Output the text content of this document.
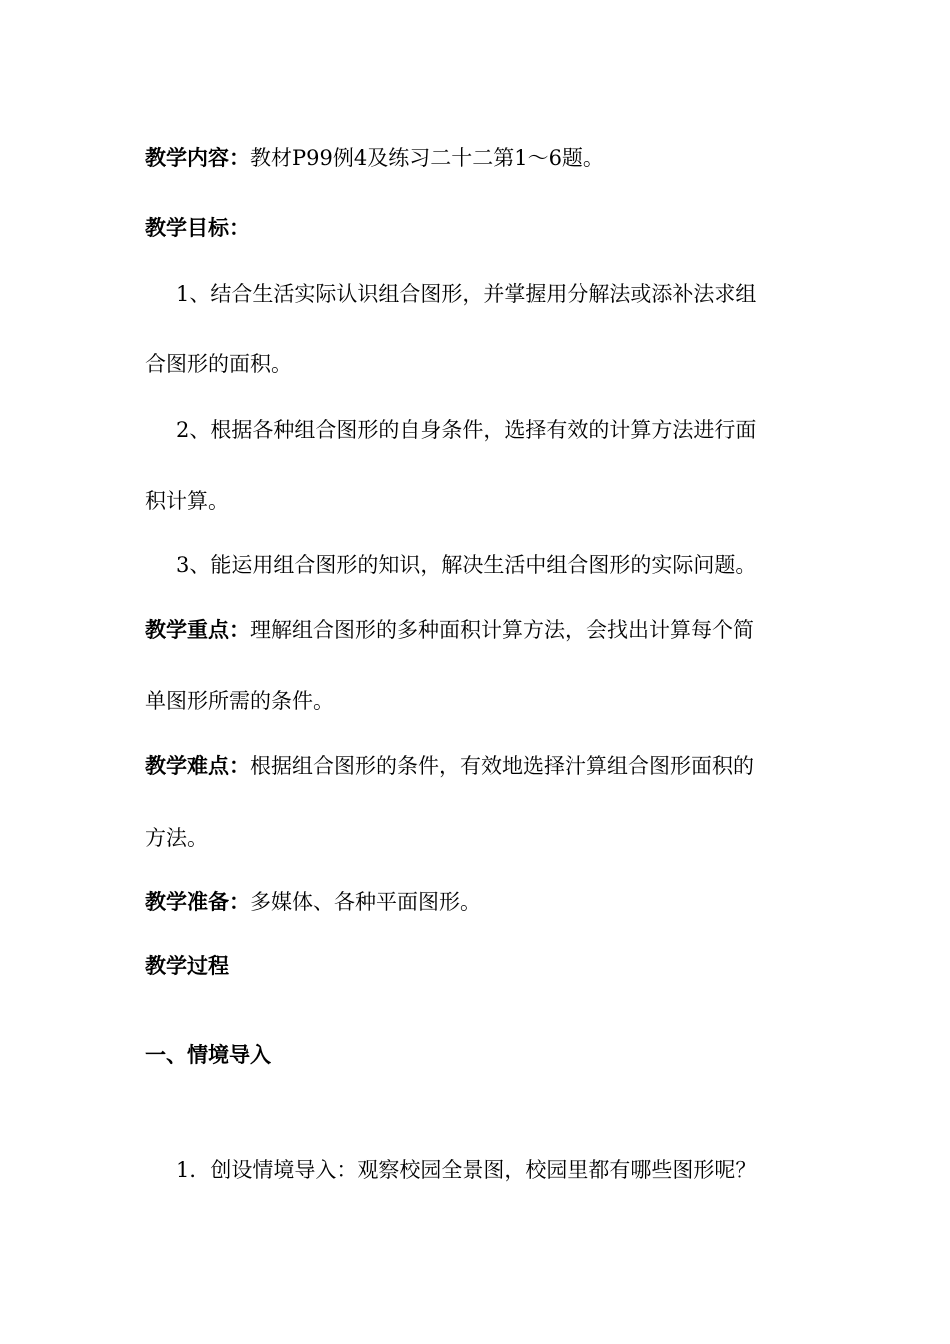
教学内容：教材P99例4及练习二十二第1～6题。
教学目标：
1、结合生活实际认识组合图形，并掌握用分解法或添补法求组
合图形的面积。
2、根据各种组合图形的自身条件，选择有效的计算方法进行面
积计算。
3、能运用组合图形的知识，解决生活中组合图形的实际问题。
教学重点：理解组合图形的多种面积计算方法，会找出计算每个简
单图形所需的条件。
教学难点：根据组合图形的条件，有效地选择汁算组合图形面积的
方法。
教学准备：多媒体、各种平面图形。
教学过程
一、情境导入
1．创设情境导入：观察校园全景图，校园里都有哪些图形呢？
